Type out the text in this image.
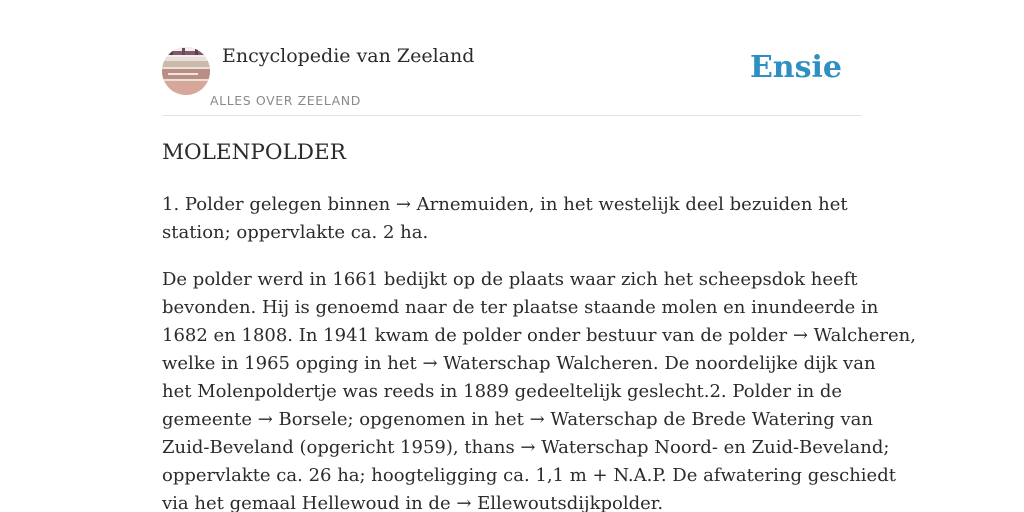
Encyclopedie van Zeeland
ALLES OVER ZEELAND
Ensie
MOLENPOLDER

1. Polder gelegen binnen → Arnemuiden, in het westelijk deel bezuiden het
station; oppervlakte ca. 2 ha.

De polder werd in 1661 bedijkt op de plaats waar zich het scheepsdok heeft
bevonden. Hij is genoemd naar de ter plaatse staande molen en inundeerde in
1682 en 1808. In 1941 kwam de polder onder bestuur van de polder → Walcheren,
welke in 1965 opging in het → Waterschap Walcheren. De noordelijke dijk van
het Molenpoldertje was reeds in 1889 gedeeltelijk geslecht.2. Polder in de
gemeente → Borsele; opgenomen in het → Waterschap de Brede Watering van
Zuid-Beveland (opgericht 1959), thans → Waterschap Noord- en Zuid-Beveland;
oppervlakte ca. 26 ha; hoogteligging ca. 1,1 m + N.A.P. De afwatering geschiedt
via het gemaal Hellewoud in de → Ellewoutsdijkpolder.
